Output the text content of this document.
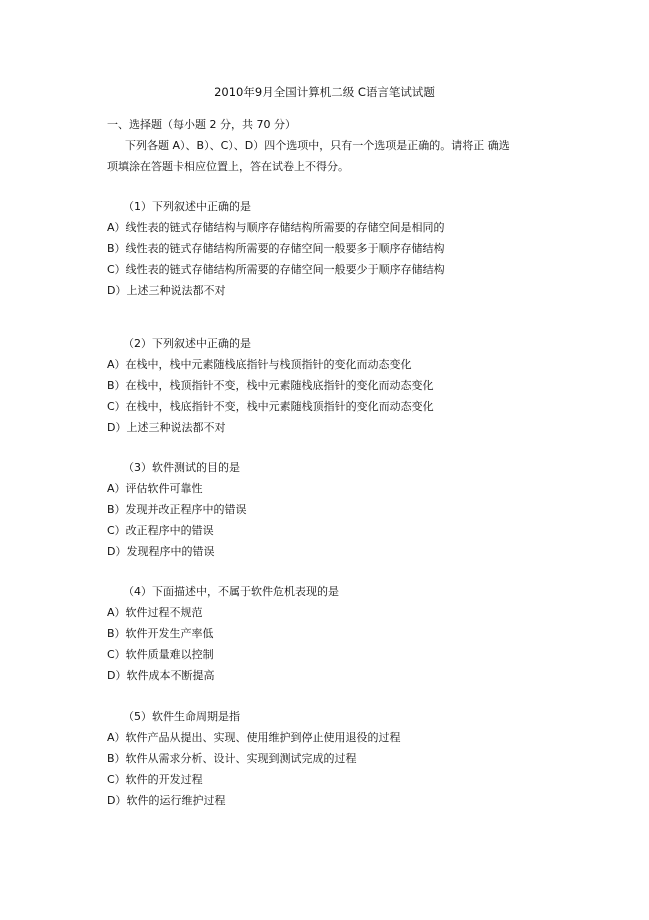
2010年9月全国计算机二级 C语言笔试试题
一、选择题（每小题 2 分，共 70 分）
下列各题 A）、B）、C）、D）四个选项中，只有一个选项是正确的。请将正 确选
项填涂在答题卡相应位置上，答在试卷上不得分。
（1）下列叙述中正确的是
A）线性表的链式存储结构与顺序存储结构所需要的存储空间是相同的
B）线性表的链式存储结构所需要的存储空间一般要多于顺序存储结构
C）线性表的链式存储结构所需要的存储空间一般要少于顺序存储结构
D）上述三种说法都不对
（2）下列叙述中正确的是
A）在栈中，栈中元素随栈底指针与栈顶指针的变化而动态变化
B）在栈中，栈顶指针不变，栈中元素随栈底指针的变化而动态变化
C）在栈中，栈底指针不变，栈中元素随栈顶指针的变化而动态变化
D）上述三种说法都不对
（3）软件测试的目的是
A）评估软件可靠性
B）发现并改正程序中的错误
C）改正程序中的错误
D）发现程序中的错误
（4）下面描述中，不属于软件危机表现的是
A）软件过程不规范
B）软件开发生产率低
C）软件质量难以控制
D）软件成本不断提高
（5）软件生命周期是指
A）软件产品从提出、实现、使用维护到停止使用退役的过程
B）软件从需求分析、设计、实现到测试完成的过程
C）软件的开发过程
D）软件的运行维护过程
